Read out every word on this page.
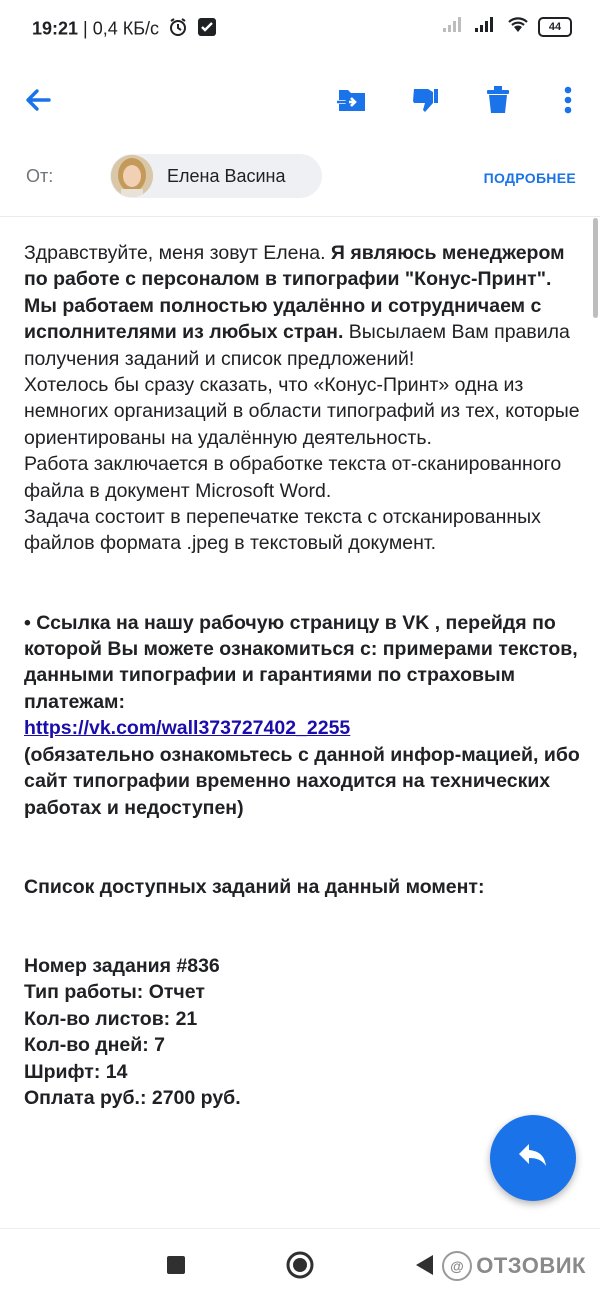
19:21 | 0,4 КБ/с	44
От:	Елена Васина	ПОДРОБНЕЕ

Здравствуйте, меня зовут Елена. Я являюсь менеджером по работе с персоналом в типографии "Конус-Принт". Мы работаем полностью удалённо и сотрудничаем с исполнителями из любых стран. Высылаем Вам правила получения заданий и список предложений!

Хотелось бы сразу сказать, что «Конус-Принт» одна из немногих организаций в области типографий из тех, которые ориентированы на удалённую деятельность.

Работа заключается в обработке текста от-сканированного файла в документ Microsoft Word.

Задача состоит в перепечатке текста с отсканированных файлов формата .jpeg в текстовый документ.

• Ссылка на нашу рабочую страницу в VK , перейдя по которой Вы можете ознакомиться с: примерами текстов, данными типографии и гарантиями по страховым платежам:

https://vk.com/wall373727402_2255

(обязательно ознакомьтесь с данной инфор-мацией, ибо сайт типографии временно находится на технических работах и недоступен)

Список доступных заданий на данный момент:

Номер задания #836

Тип работы: Отчет

Кол-во листов: 21

Кол-во дней: 7

Шрифт: 14

Оплата руб.: 2700 руб.

@ ОТЗОВИК
